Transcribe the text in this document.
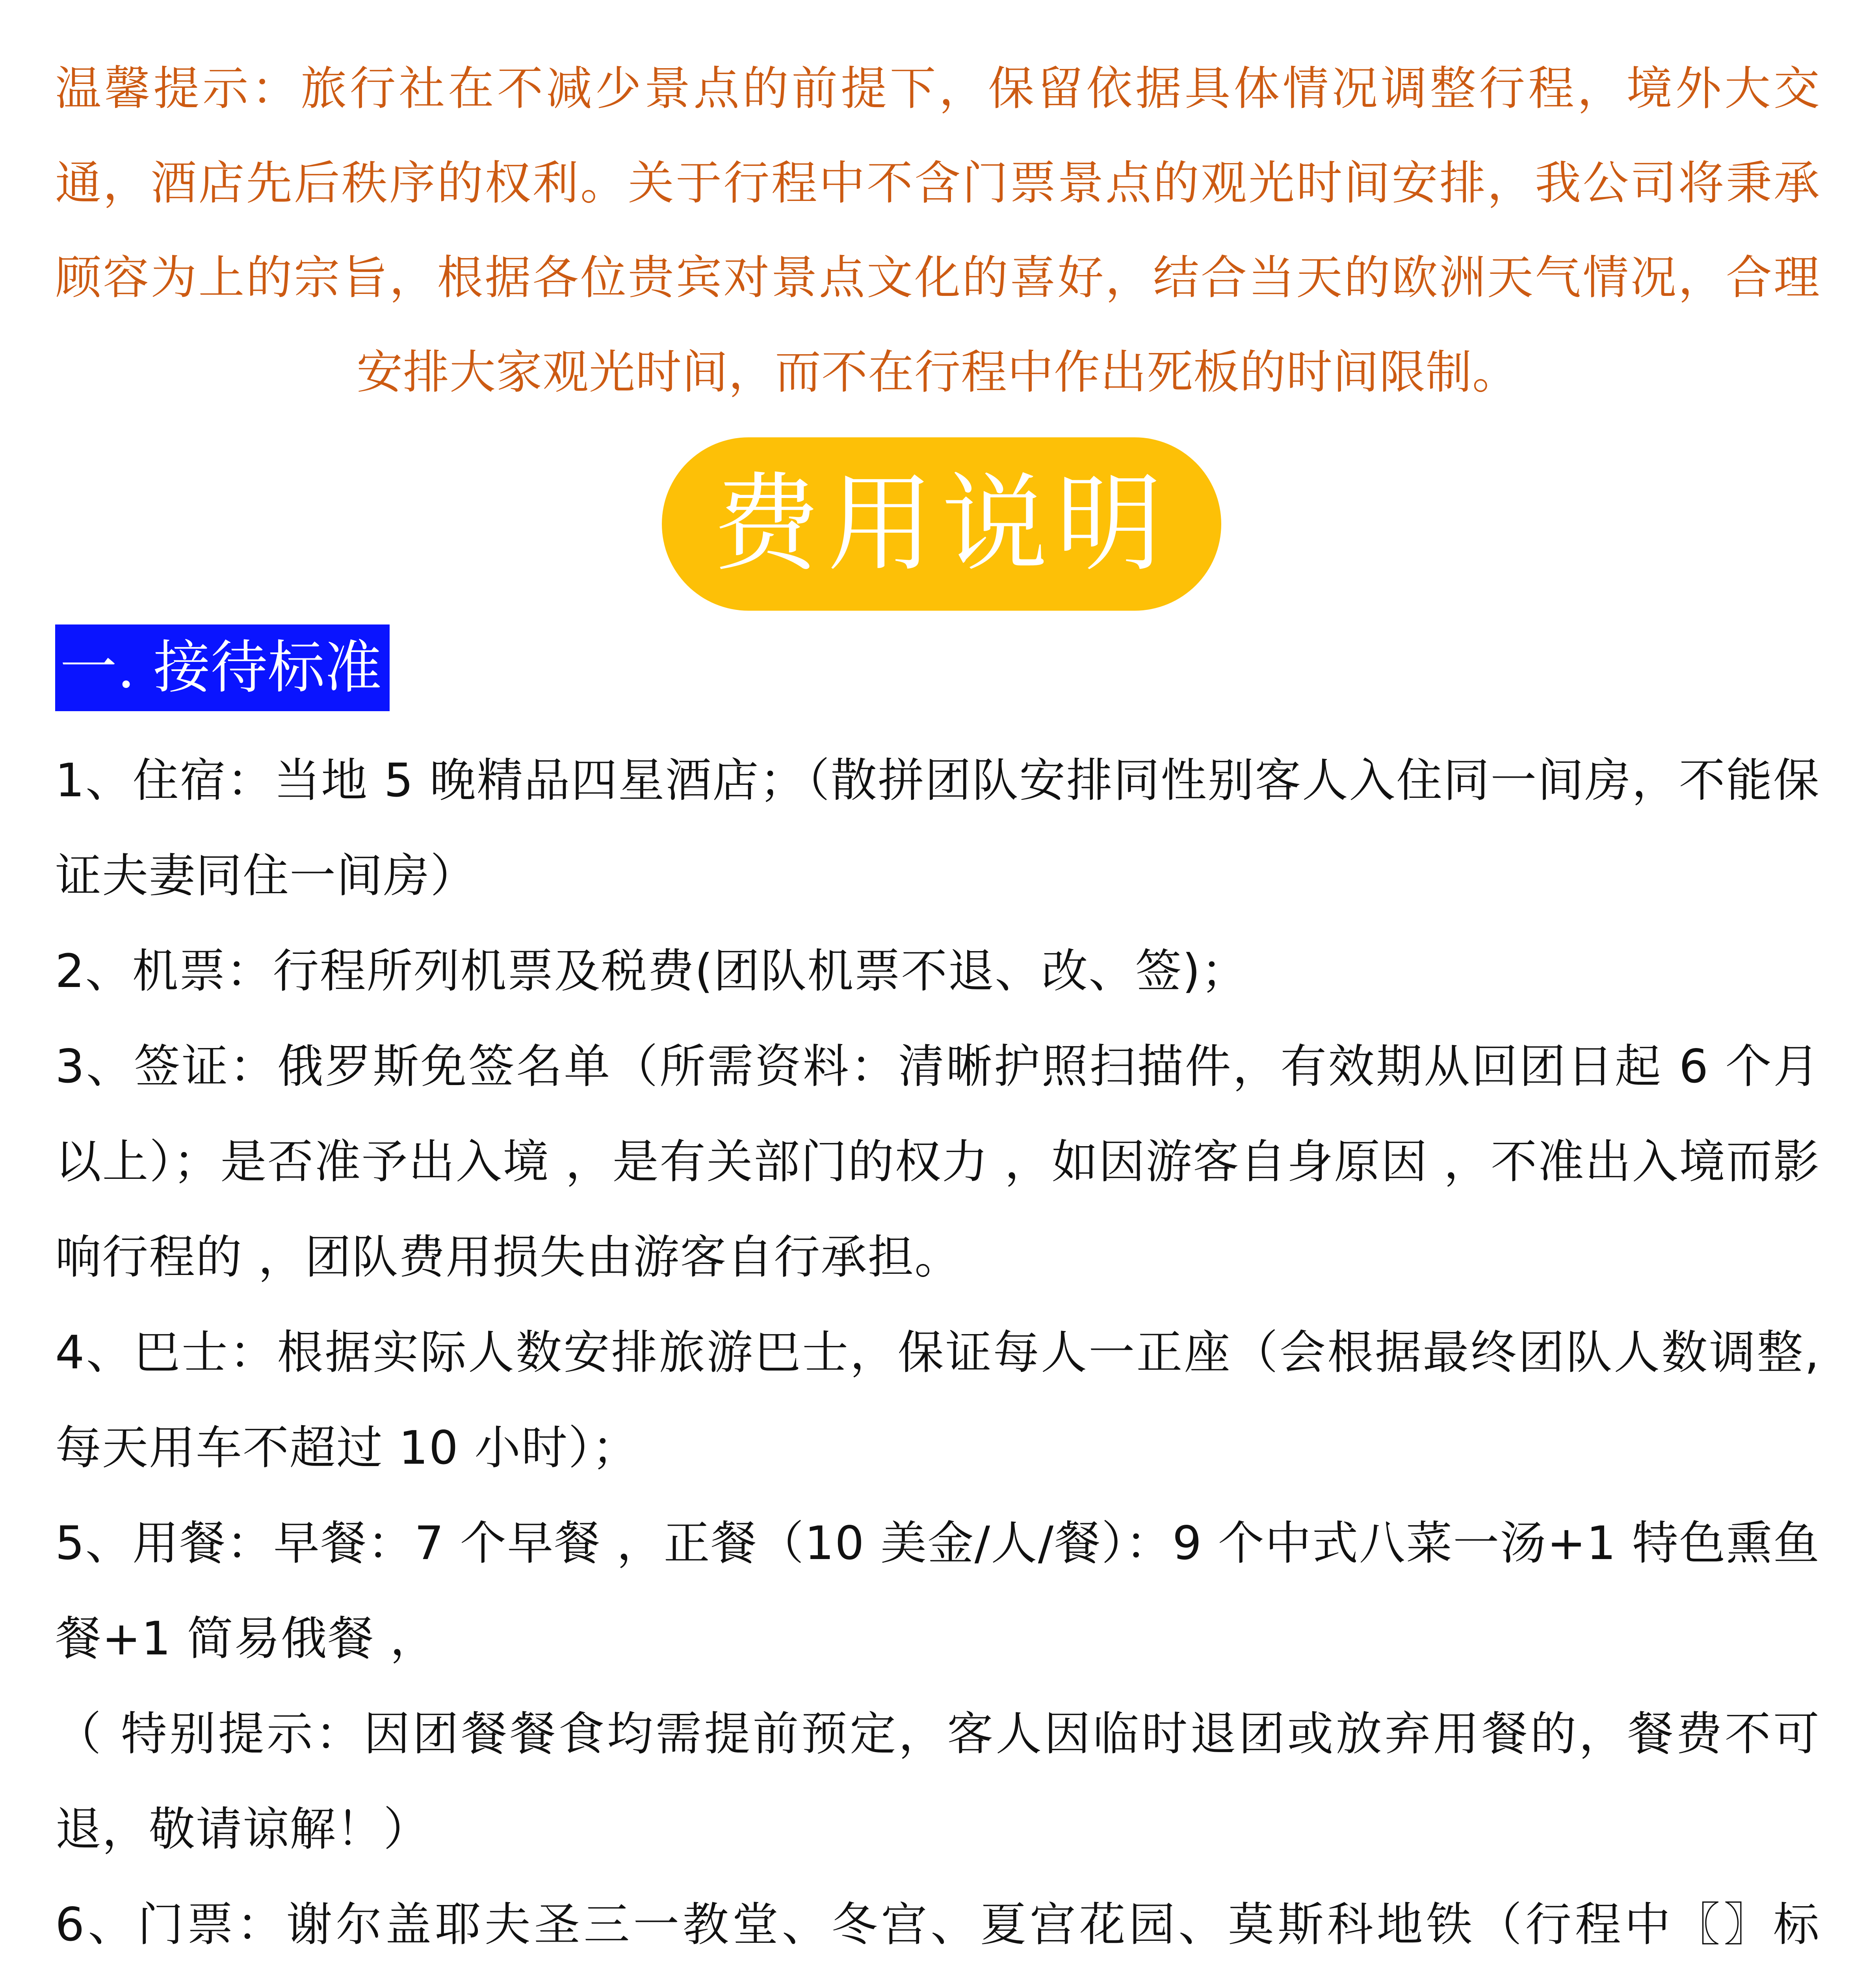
温馨提示：旅行社在不减少景点的前提下，保留依据具体情况调整行程，境外大交通，酒店先后秩序的权利。关于行程中不含门票景点的观光时间安排，我公司将秉承顾容为上的宗旨，根据各位贵宾对景点文化的喜好，结合当天的欧洲天气情况，合理安排大家观光时间，而不在行程中作出死板的时间限制。
费用说明
一. 接待标准

1、住宿：当地 5 晚精品四星酒店；（散拼团队安排同性别客人入住同一间房，不能保证夫妻同住一间房）

2、机票：行程所列机票及税费(团队机票不退、改、签)；

3、签证：俄罗斯免签名单（所需资料：清晰护照扫描件，有效期从回团日起 6 个月以上）；是否准予出入境 ，是有关部门的权力 ，如因游客自身原因 ，不准出入境而影响行程的 ，团队费用损失由游客自行承担。

4、巴士：根据实际人数安排旅游巴士，保证每人一正座（会根据最终团队人数调整,每天用车不超过 10 小时）；

5、用餐：早餐：7 个早餐 ，正餐（10 美金/人/餐）：9 个中式八菜一汤+1 特色熏鱼餐+1 简易俄餐 ，

（ 特别提示：因团餐餐食均需提前预定，客人因临时退团或放弃用餐的，餐费不可退，敬请谅解！）

6、门票：谢尔盖耶夫圣三一教堂、冬宫、夏宫花园、莫斯科地铁（行程中〖〗标
